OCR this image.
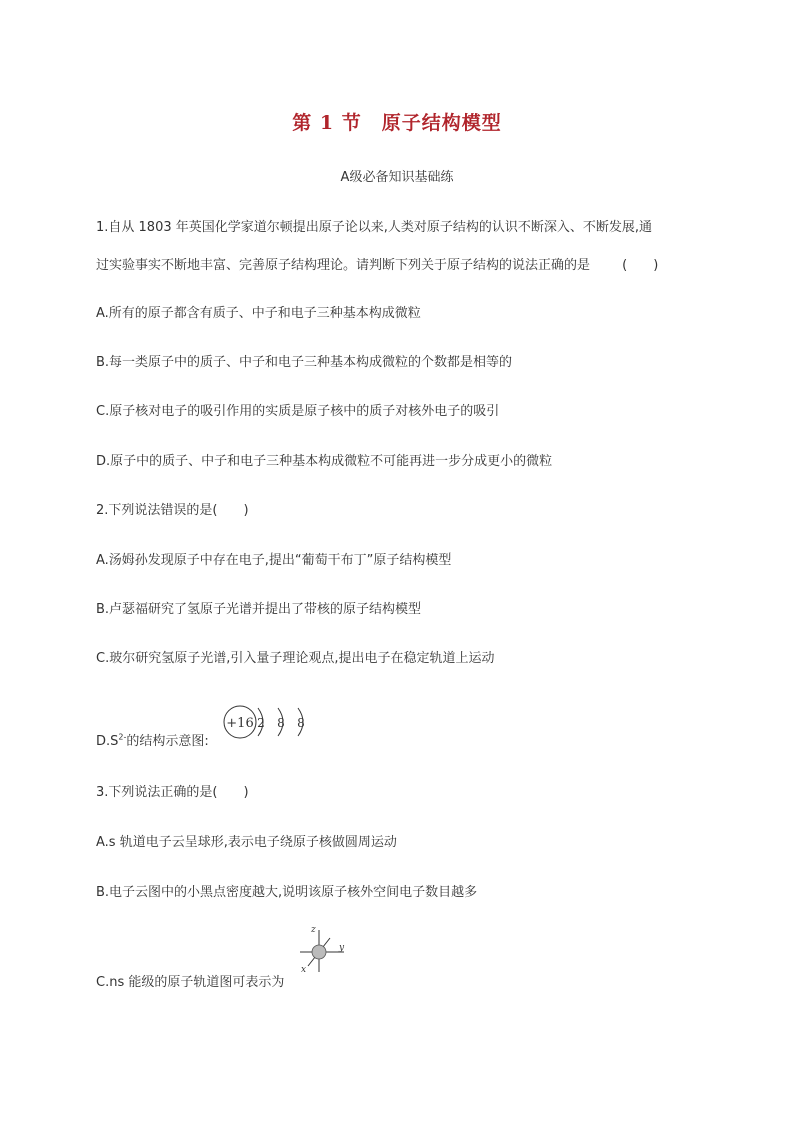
第 1 节　原子结构模型
A级必备知识基础练
1.自从 1803 年英国化学家道尔顿提出原子论以来,人类对原子结构的认识不断深入、不断发展,通
过实验事实不断地丰富、完善原子结构理论。请判断下列关于原子结构的说法正确的是 (　　)
A.所有的原子都含有质子、中子和电子三种基本构成微粒
B.每一类原子中的质子、中子和电子三种基本构成微粒的个数都是相等的
C.原子核对电子的吸引作用的实质是原子核中的质子对核外电子的吸引
D.原子中的质子、中子和电子三种基本构成微粒不可能再进一步分成更小的微粒
2.下列说法错误的是(　　)
A.汤姆孙发现原子中存在电子,提出“葡萄干布丁”原子结构模型
B.卢瑟福研究了氢原子光谱并提出了带核的原子结构模型
C.玻尔研究氢原子光谱,引入量子理论观点,提出电子在稳定轨道上运动
$D.S^{2-}$的结构示意图:
+16 2 8 8
3.下列说法正确的是(　　)
A.s 轨道电子云呈球形,表示电子绕原子核做圆周运动
B.电子云图中的小黑点密度越大,说明该原子核外空间电子数目越多
C.ns 能级的原子轨道图可表示为
z
y
x
